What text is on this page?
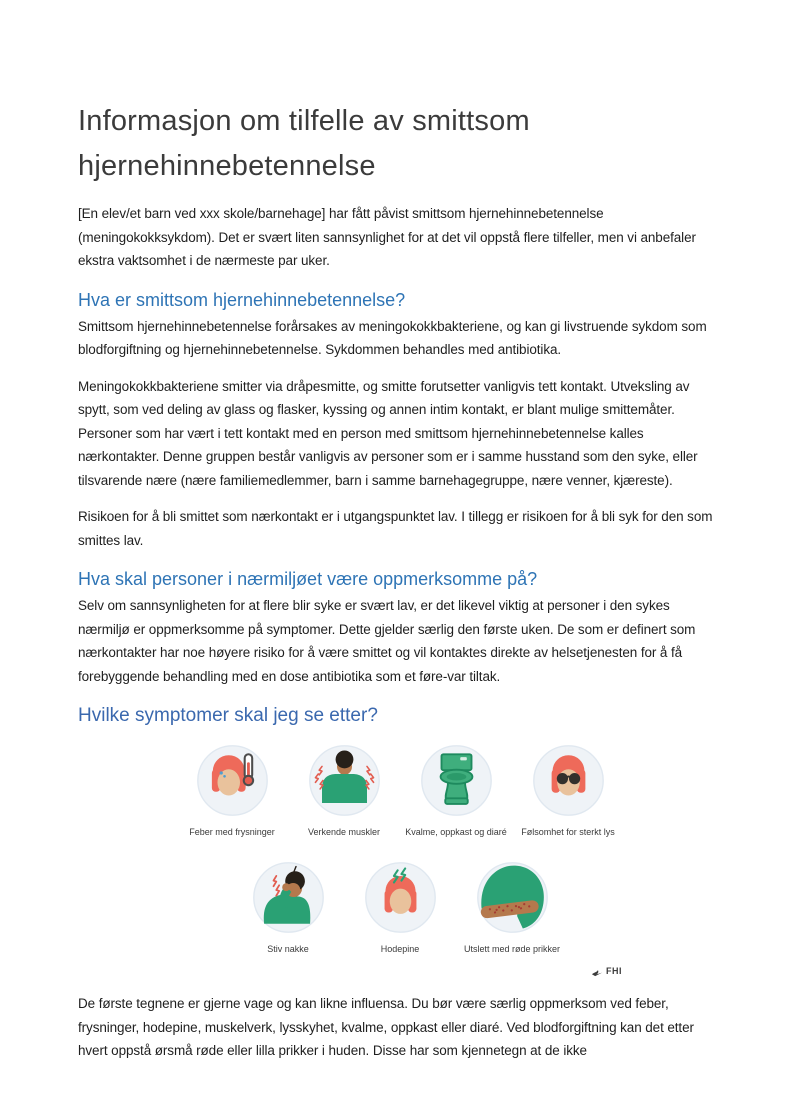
Informasjon om tilfelle av smittsom hjernehinnebetennelse

[En elev/et barn ved xxx skole/barnehage] har fått påvist smittsom hjernehinnebetennelse (meningokokksykdom). Det er svært liten sannsynlighet for at det vil oppstå flere tilfeller, men vi anbefaler ekstra vaktsomhet i de nærmeste par uker.

Hva er smittsom hjernehinnebetennelse?

Smittsom hjernehinnebetennelse forårsakes av meningokokkbakteriene, og kan gi livstruende sykdom som blodforgiftning og hjernehinnebetennelse. Sykdommen behandles med antibiotika.

Meningokokkbakteriene smitter via dråpesmitte, og smitte forutsetter vanligvis tett kontakt. Utveksling av spytt, som ved deling av glass og flasker, kyssing og annen intim kontakt, er blant mulige smittemåter. Personer som har vært i tett kontakt med en person med smittsom hjernehinnebetennelse kalles nærkontakter. Denne gruppen består vanligvis av personer som er i samme husstand som den syke, eller tilsvarende nære (nære familiemedlemmer, barn i samme barnehagegruppe, nære venner, kjæreste).

Risikoen for å bli smittet som nærkontakt er i utgangspunktet lav. I tillegg er risikoen for å bli syk for den som smittes lav.

Hva skal personer i nærmiljøet være oppmerksomme på?

Selv om sannsynligheten for at flere blir syke er svært lav, er det likevel viktig at personer i den sykes nærmiljø er oppmerksomme på symptomer. Dette gjelder særlig den første uken. De som er definert som nærkontakter har noe høyere risiko for å være smittet og vil kontaktes direkte av helsetjenesten for å få forebyggende behandling med en dose antibiotika som et føre-var tiltak.

Hvilke symptomer skal jeg se etter?
Feber med frysninger	Verkende muskler	Kvalme, oppkast og diaré Følsomhet for sterkt lys
Stiv nakke	Hodepine	Utslett med røde prikker
FHI

De første tegnene er gjerne vage og kan likne influensa. Du bør være særlig oppmerksom ved feber, frysninger, hodepine, muskelverk, lysskyhet, kvalme, oppkast eller diaré. Ved blodforgiftning kan det etter hvert oppstå ørsmå røde eller lilla prikker i huden. Disse har som kjennetegn at de ikke
